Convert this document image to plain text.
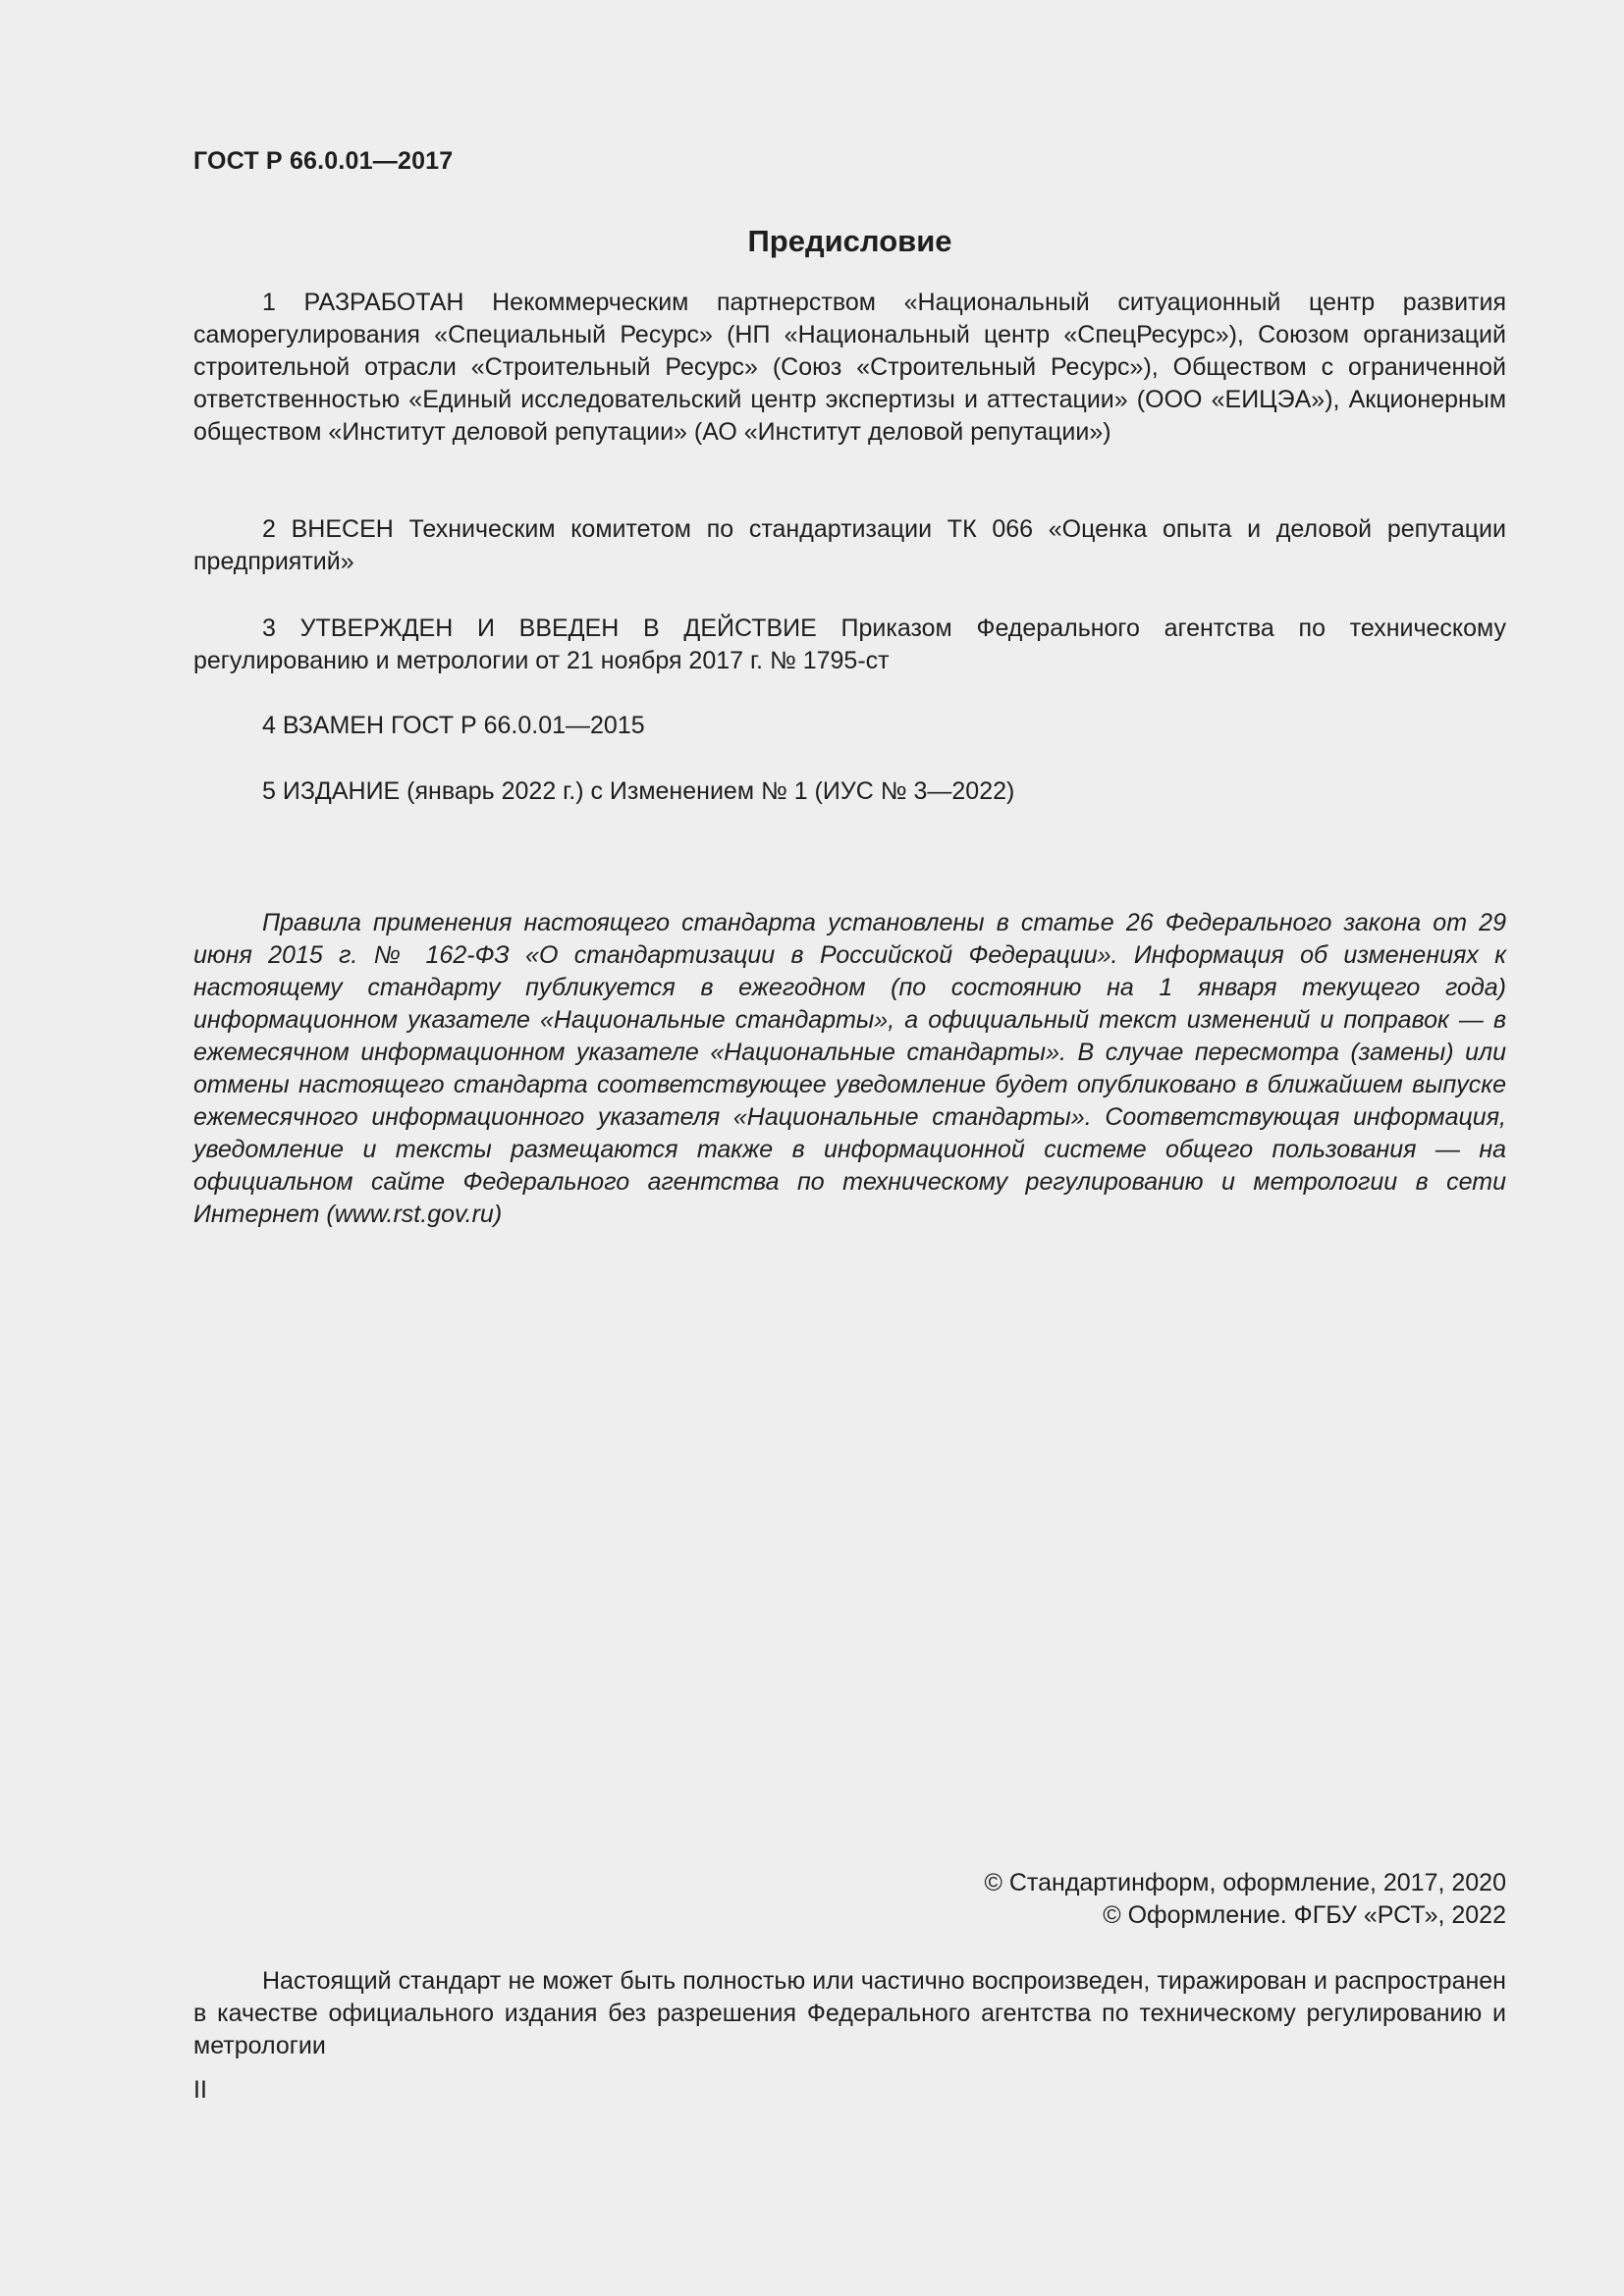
ГОСТ Р 66.0.01—2017
Предисловие
1 РАЗРАБОТАН Некоммерческим партнерством «Национальный ситуационный центр развития саморегулирования «Специальный Ресурс» (НП «Национальный центр «СпецРесурс»), Союзом организаций строительной отрасли «Строительный Ресурс» (Союз «Строительный Ресурс»), Обществом с ограниченной ответственностью «Единый исследовательский центр экспертизы и аттестации» (ООО «ЕИЦЭА»), Акционерным обществом «Институт деловой репутации» (АО «Институт деловой репутации»)
2 ВНЕСЕН Техническим комитетом по стандартизации ТК 066 «Оценка опыта и деловой репутации предприятий»
3 УТВЕРЖДЕН И ВВЕДЕН В ДЕЙСТВИЕ Приказом Федерального агентства по техническому регулированию и метрологии от 21 ноября 2017 г. № 1795-ст
4 ВЗАМЕН ГОСТ Р 66.0.01—2015
5 ИЗДАНИЕ (январь 2022 г.) с Изменением № 1 (ИУС № 3—2022)
Правила применения настоящего стандарта установлены в статье 26 Федерального закона от 29 июня 2015 г. № 162-ФЗ «О стандартизации в Российской Федерации». Информация об изменениях к настоящему стандарту публикуется в ежегодном (по состоянию на 1 января текущего года) информационном указателе «Национальные стандарты», а официальный текст изменений и поправок — в ежемесячном информационном указателе «Национальные стандарты». В случае пересмотра (замены) или отмены настоящего стандарта соответствующее уведомление будет опубликовано в ближайшем выпуске ежемесячного информационного указателя «Национальные стандарты». Соответствующая информация, уведомление и тексты размещаются также в информационной системе общего пользования — на официальном сайте Федерального агентства по техническому регулированию и метрологии в сети Интернет (www.rst.gov.ru)
© Стандартинформ, оформление, 2017, 2020
© Оформление. ФГБУ «РСТ», 2022
Настоящий стандарт не может быть полностью или частично воспроизведен, тиражирован и распространен в качестве официального издания без разрешения Федерального агентства по техническому регулированию и метрологии
II
